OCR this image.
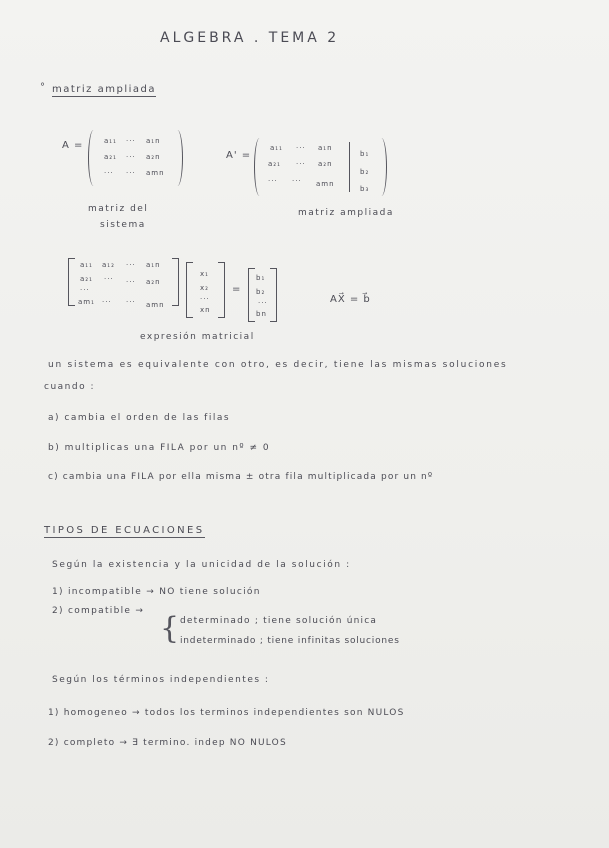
ALGEBRA . TEMA 2
° matriz ampliada
A =	a₁₁ ··· a₁n
a₂₁ ··· a₂n
··· ··· amn
matriz del
sistema
A' =
a₁₁ ··· a₁n
a₂₁ ··· a₂n
··· ··· amn
b₁
b₂
b₃
matriz ampliada
a₁₁ a₁₂ ··· a₁n
a₂₁ ··· ··· a₂n
···
am₁ ··· ··· amn
x₁
x₂
···
xn
=
b₁
b₂
···
bn
AX⃗ = b⃗
expresión matricial
un sistema es equivalente con otro, es decir, tiene las mismas soluciones
cuando :
a) cambia el orden de las filas
b) multiplicas una FILA por un nº ≠ 0
c) cambia una FILA por ella misma ± otra fila multiplicada por un nº
TIPOS DE ECUACIONES
Según la existencia y la unicidad de la solución :
1) incompatible → NO tiene solución
2) compatible → { determinado ; tiene solución única
indeterminado ; tiene infinitas soluciones
Según los términos independientes :
1) homogeneo → todos los terminos independientes son NULOS
2) completo → ∃ termino. indep NO NULOS
